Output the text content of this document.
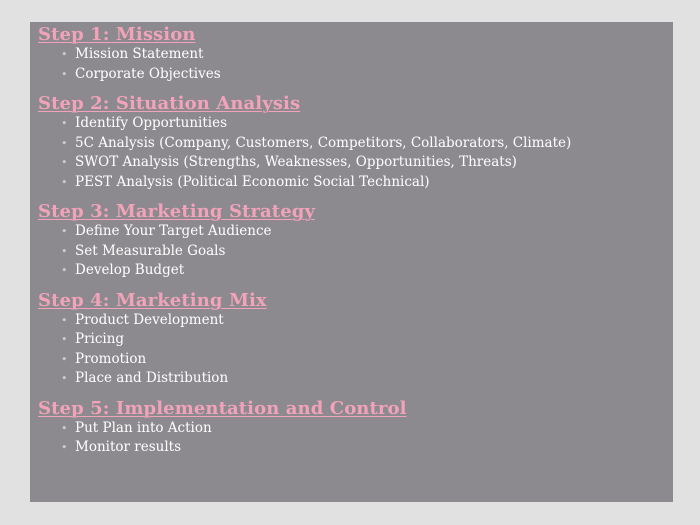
Step 1: Mission
• Mission Statement
• Corporate Objectives
Step 2: Situation Analysis
• Identify Opportunities
• 5C Analysis (Company, Customers, Competitors, Collaborators, Climate)
• SWOT Analysis (Strengths, Weaknesses, Opportunities, Threats)
• PEST Analysis (Political Economic Social Technical)
Step 3: Marketing Strategy
• Define Your Target Audience
• Set Measurable Goals
• Develop Budget
Step 4: Marketing Mix
• Product Development
• Pricing
• Promotion
• Place and Distribution
Step 5: Implementation and Control
• Put Plan into Action
• Monitor results
